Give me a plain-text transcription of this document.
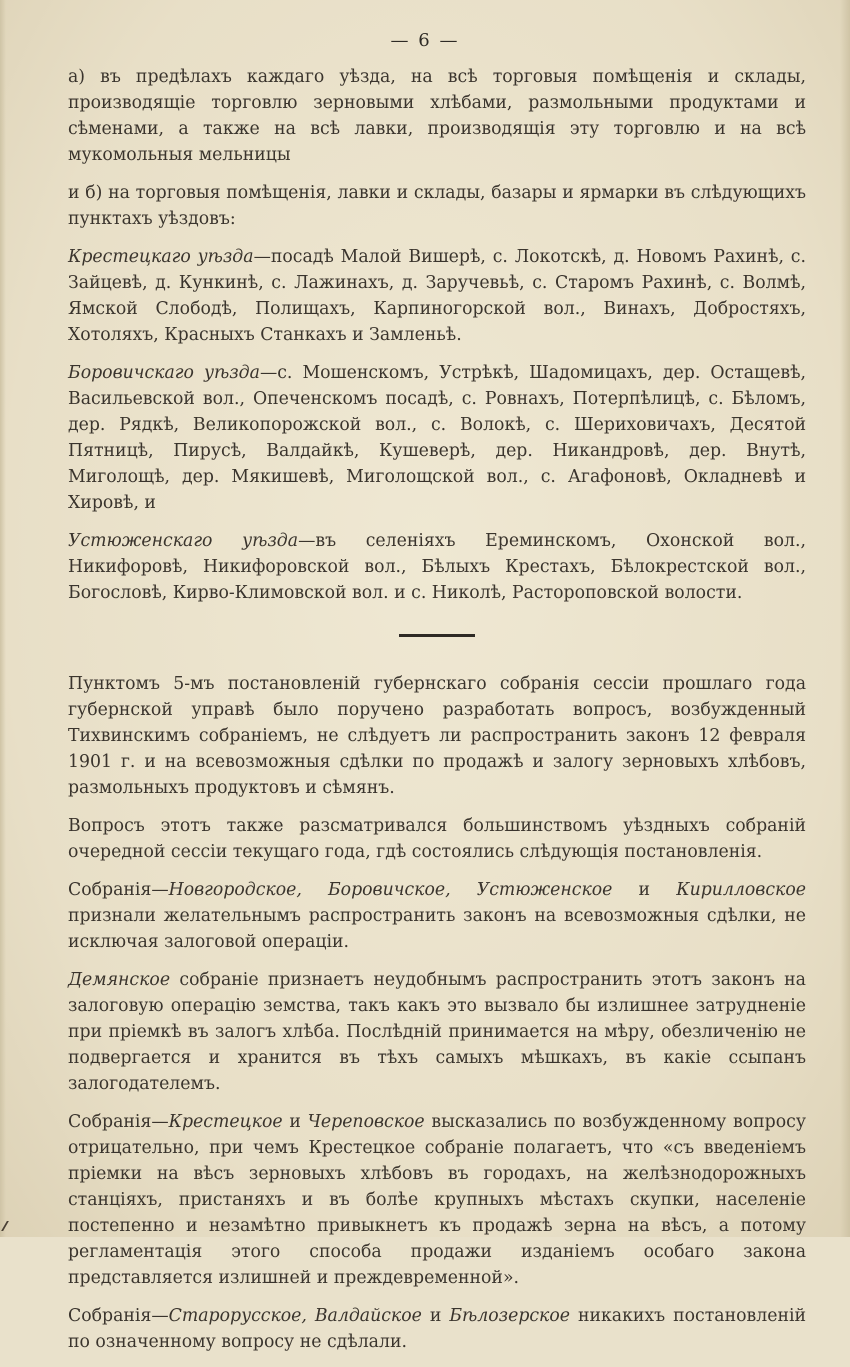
— 6 —

а) въ предѣлахъ каждаго уѣзда, на всѣ торговыя помѣщенія и склады, производящіе торговлю зерновыми хлѣбами, размольными продуктами и сѣменами, а также на всѣ лавки, производящія эту торговлю и на всѣ мукомольныя мельницы

и б) на торговыя помѣщенія, лавки и склады, базары и ярмарки въ слѣдующихъ пунктахъ уѣздовъ:

Крестецкаго уѣзда—посадѣ Малой Вишерѣ, с. Локотскѣ, д. Новомъ Рахинѣ, с. Зайцевѣ, д. Кункинѣ, с. Лажинахъ, д. Заручевьѣ, с. Старомъ Рахинѣ, с. Волмѣ, Ямской Слободѣ, Полищахъ, Карпиногорской вол., Винахъ, Добростяхъ, Хотоляхъ, Красныхъ Станкахъ и Замленьѣ.

Боровичскаго уѣзда—с. Мошенскомъ, Устрѣкѣ, Шадомицахъ, дер. Остащевѣ, Васильевской вол., Опеченскомъ посадѣ, с. Ровнахъ, Потерпѣлицѣ, с. Бѣломъ, дер. Рядкѣ, Великопорожской вол., с. Волокѣ, с. Шериховичахъ, Десятой Пятницѣ, Пирусѣ, Валдайкѣ, Кушеверѣ, дер. Никандровѣ, дер. Внутѣ, Миголощѣ, дер. Мякишевѣ, Миголощской вол., с. Агафоновѣ, Окладневѣ и Хировѣ, и

Устюженскаго уѣзда—въ селеніяхъ Ереминскомъ, Охонской вол., Никифоровѣ, Никифоровской вол., Бѣлыхъ Крестахъ, Бѣлокрестской вол., Богословѣ, Кирво-Климовской вол. и с. Николѣ, Растороповской волости.

Пунктомъ 5-мъ постановленій губернскаго собранія сессіи прошлаго года губернской управѣ было поручено разработать вопросъ, возбужденный Тихвинскимъ собраніемъ, не слѣдуетъ ли распространить законъ 12 февраля 1901 г. и на всевозможныя сдѣлки по продажѣ и залогу зерновыхъ хлѣбовъ, размольныхъ продуктовъ и сѣмянъ.

Вопросъ этотъ также разсматривался большинствомъ уѣздныхъ собраній очередной сессіи текущаго года, гдѣ состоялись слѣдующія постановленія.

Собранія—Новгородское, Боровичское, Устюженское и Кирилловское признали желательнымъ распространить законъ на всевозможныя сдѣлки, не исключая залоговой операціи.

Демянское собраніе признаетъ неудобнымъ распространить этотъ законъ на залоговую операцію земства, такъ какъ это вызвало бы излишнее затрудненіе при пріемкѣ въ залогъ хлѣба. Послѣдній принимается на мѣру, обезличенію не подвергается и хранится въ тѣхъ самыхъ мѣшкахъ, въ какіе ссыпанъ залогодателемъ.

Собранія—Крестецкое и Череповское высказались по возбужденному вопросу отрицательно, при чемъ Крестецкое собраніе полагаетъ, что «съ введеніемъ пріемки на вѣсъ зерновыхъ хлѣбовъ въ городахъ, на желѣзнодорожныхъ станціяхъ, пристаняхъ и въ болѣе крупныхъ мѣстахъ скупки, населеніе постепенно и незамѣтно привыкнетъ къ продажѣ зерна на вѣсъ, а потому регламентація этого способа продажи изданіемъ особаго закона представляется излишней и преждевременной».

Собранія—Старорусское, Валдайское и Бѣлозерское никакихъ постановленій по означенному вопросу не сдѣлали.
